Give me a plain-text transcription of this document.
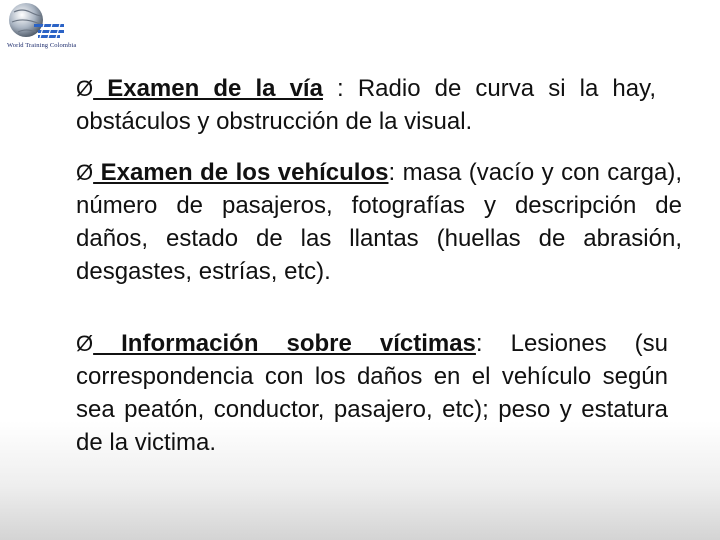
World Training Colombia

Ø Examen de la vía : Radio de curva si la hay, obstáculos y obstrucción de la visual.

Ø Examen de los vehículos: masa (vacío y con carga), número de pasajeros, fotografías y descripción de daños, estado de las llantas (huellas de abrasión, desgastes, estrías, etc).

Ø Información sobre víctimas: Lesiones (su correspondencia con los daños en el vehículo según sea peatón, conductor, pasajero, etc); peso y estatura de la victima.
